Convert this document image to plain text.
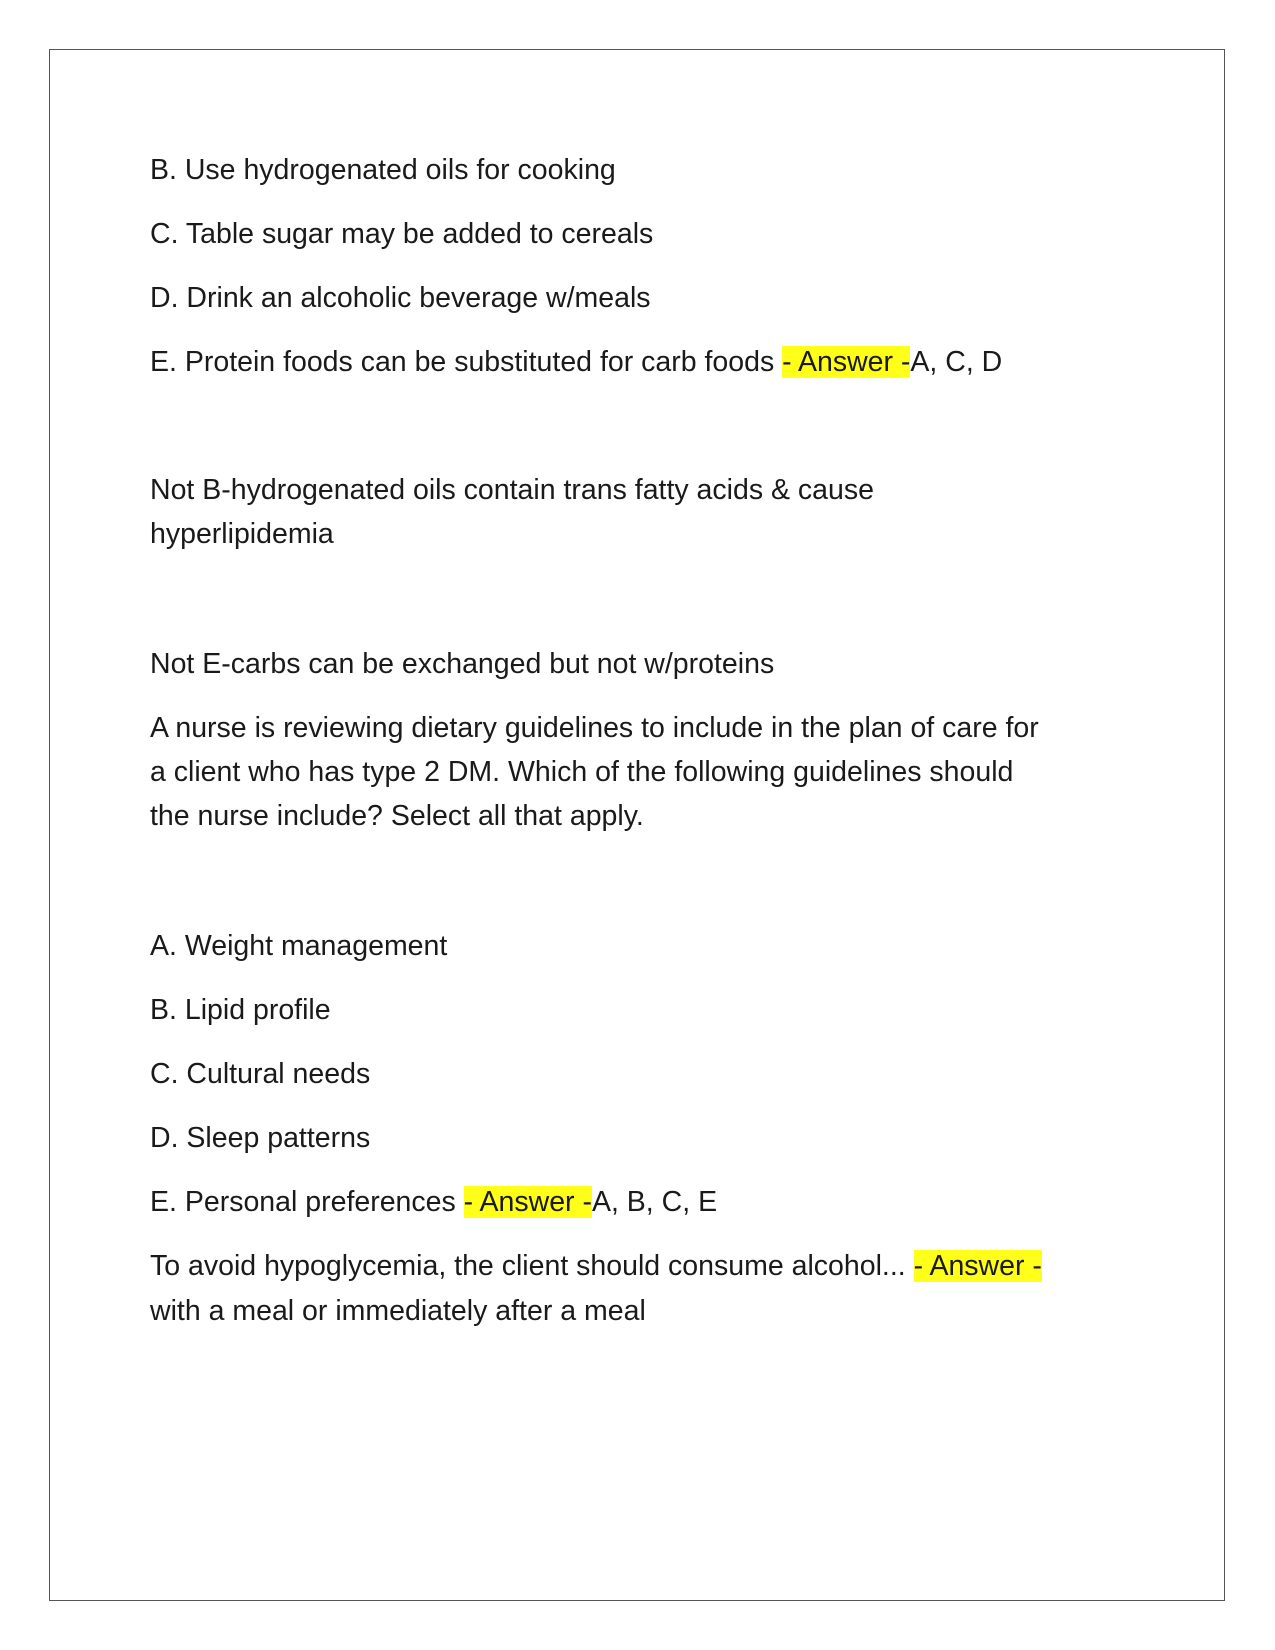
B. Use hydrogenated oils for cooking

C. Table sugar may be added to cereals

D. Drink an alcoholic beverage w/meals

E. Protein foods can be substituted for carb foods - Answer -A, C, D

Not B-hydrogenated oils contain trans fatty acids & cause

hyperlipidemia

Not E-carbs can be exchanged but not w/proteins

A nurse is reviewing dietary guidelines to include in the plan of care for

a client who has type 2 DM. Which of the following guidelines should

the nurse include? Select all that apply.

A. Weight management

B. Lipid profile

C. Cultural needs

D. Sleep patterns

E. Personal preferences - Answer -A, B, C, E

To avoid hypoglycemia, the client should consume alcohol... - Answer -

with a meal or immediately after a meal
